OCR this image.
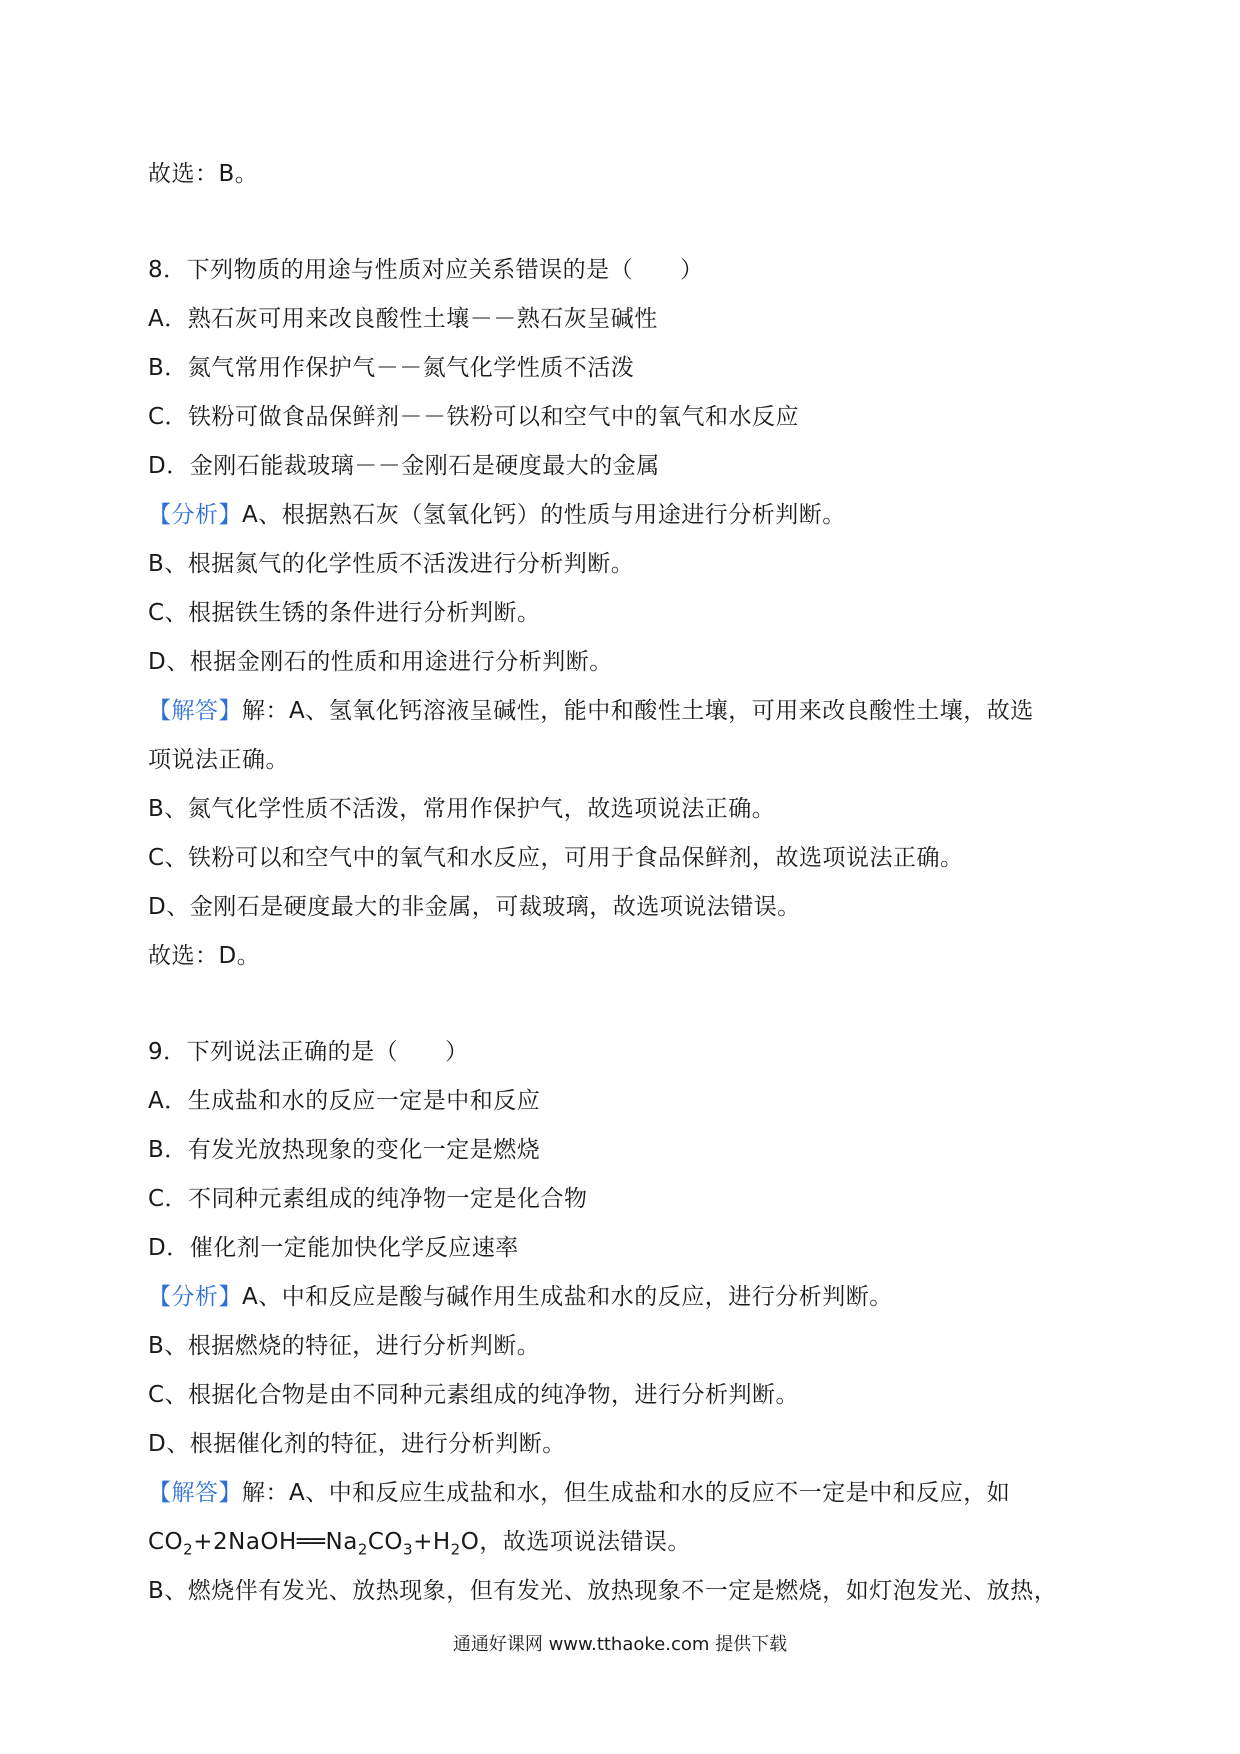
故选：B。
8．下列物质的用途与性质对应关系错误的是（　　）
A．熟石灰可用来改良酸性土壤－－熟石灰呈碱性
B．氮气常用作保护气－－氮气化学性质不活泼
C．铁粉可做食品保鲜剂－－铁粉可以和空气中的氧气和水反应
D．金刚石能裁玻璃－－金刚石是硬度最大的金属
【分析】A、根据熟石灰（氢氧化钙）的性质与用途进行分析判断。
B、根据氮气的化学性质不活泼进行分析判断。
C、根据铁生锈的条件进行分析判断。
D、根据金刚石的性质和用途进行分析判断。
【解答】解：A、氢氧化钙溶液呈碱性，能中和酸性土壤，可用来改良酸性土壤，故选
项说法正确。
B、氮气化学性质不活泼，常用作保护气，故选项说法正确。
C、铁粉可以和空气中的氧气和水反应，可用于食品保鲜剂，故选项说法正确。
D、金刚石是硬度最大的非金属，可裁玻璃，故选项说法错误。
故选：D。
9．下列说法正确的是（　　）
A．生成盐和水的反应一定是中和反应
B．有发光放热现象的变化一定是燃烧
C．不同种元素组成的纯净物一定是化合物
D．催化剂一定能加快化学反应速率
【分析】A、中和反应是酸与碱作用生成盐和水的反应，进行分析判断。
B、根据燃烧的特征，进行分析判断。
C、根据化合物是由不同种元素组成的纯净物，进行分析判断。
D、根据催化剂的特征，进行分析判断。
【解答】解：A、中和反应生成盐和水，但生成盐和水的反应不一定是中和反应，如
$CO_2+2NaOH══Na_2CO_3+H_2O$，故选项说法错误。
B、燃烧伴有发光、放热现象，但有发光、放热现象不一定是燃烧，如灯泡发光、放热，
通通好课网 www.tthaoke.com 提供下载
